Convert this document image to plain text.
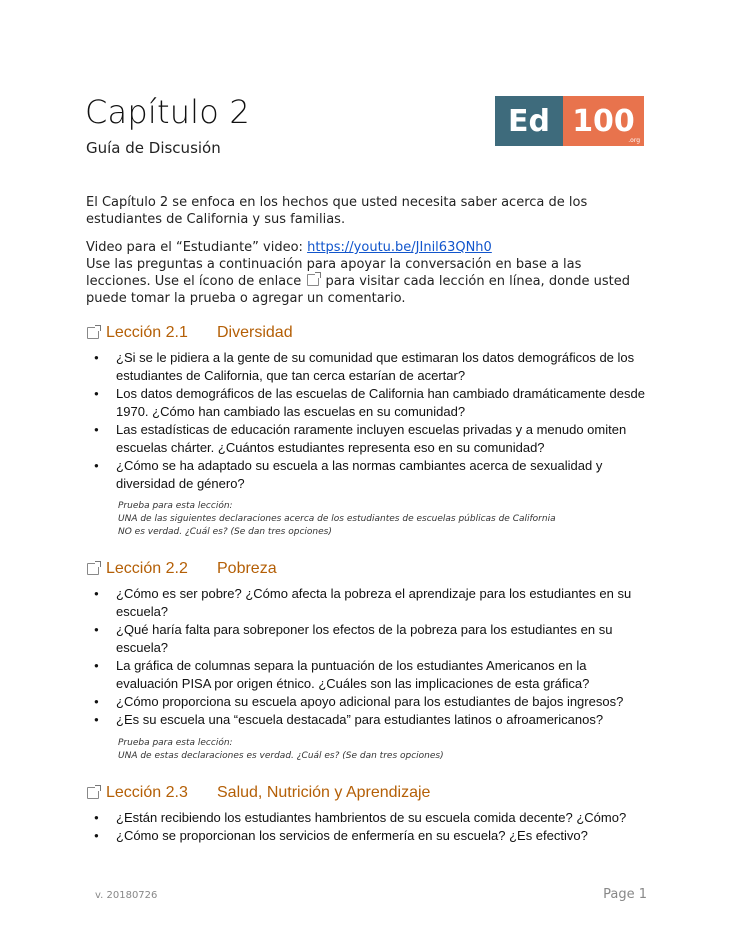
Capítulo 2
Guía de Discusión
Ed 100
.org
El Capítulo 2 se enfoca en los hechos que usted necesita saber acerca de los estudiantes de California y sus familias.
Video para el “Estudiante” video: https://youtu.be/JInil63QNh0
Use las preguntas a continuación para apoyar la conversación en base a las lecciones. Use el ícono de enlace  para visitar cada lección en línea, donde usted puede tomar la prueba o agregar un comentario.
Lección 2.1	Diversidad
● ¿Si se le pidiera a la gente de su comunidad que estimaran los datos demográficos de los estudiantes de California, que tan cerca estarían de acertar?
● Los datos demográficos de las escuelas de California han cambiado dramáticamente desde 1970. ¿Cómo han cambiado las escuelas en su comunidad?
● Las estadísticas de educación raramente incluyen escuelas privadas y a menudo omiten escuelas chárter. ¿Cuántos estudiantes representa eso en su comunidad?
● ¿Cómo se ha adaptado su escuela a las normas cambiantes acerca de sexualidad y diversidad de género?
Prueba para esta lección:
UNA de las siguientes declaraciones acerca de los estudiantes de escuelas públicas de California
NO es verdad. ¿Cuál es? (Se dan tres opciones)
Lección 2.2	Pobreza
● ¿Cómo es ser pobre? ¿Cómo afecta la pobreza el aprendizaje para los estudiantes en su escuela?
● ¿Qué haría falta para sobreponer los efectos de la pobreza para los estudiantes en su escuela?
● La gráfica de columnas separa la puntuación de los estudiantes Americanos en la evaluación PISA por origen étnico. ¿Cuáles son las implicaciones de esta gráfica?
● ¿Cómo proporciona su escuela apoyo adicional para los estudiantes de bajos ingresos?
● ¿Es su escuela una “escuela destacada” para estudiantes latinos o afroamericanos?
Prueba para esta lección:
UNA de estas declaraciones es verdad. ¿Cuál es? (Se dan tres opciones)
Lección 2.3	Salud, Nutrición y Aprendizaje
● ¿Están recibiendo los estudiantes hambrientos de su escuela comida decente? ¿Cómo?
● ¿Cómo se proporcionan los servicios de enfermería en su escuela? ¿Es efectivo?
v. 20180726	Page 1
